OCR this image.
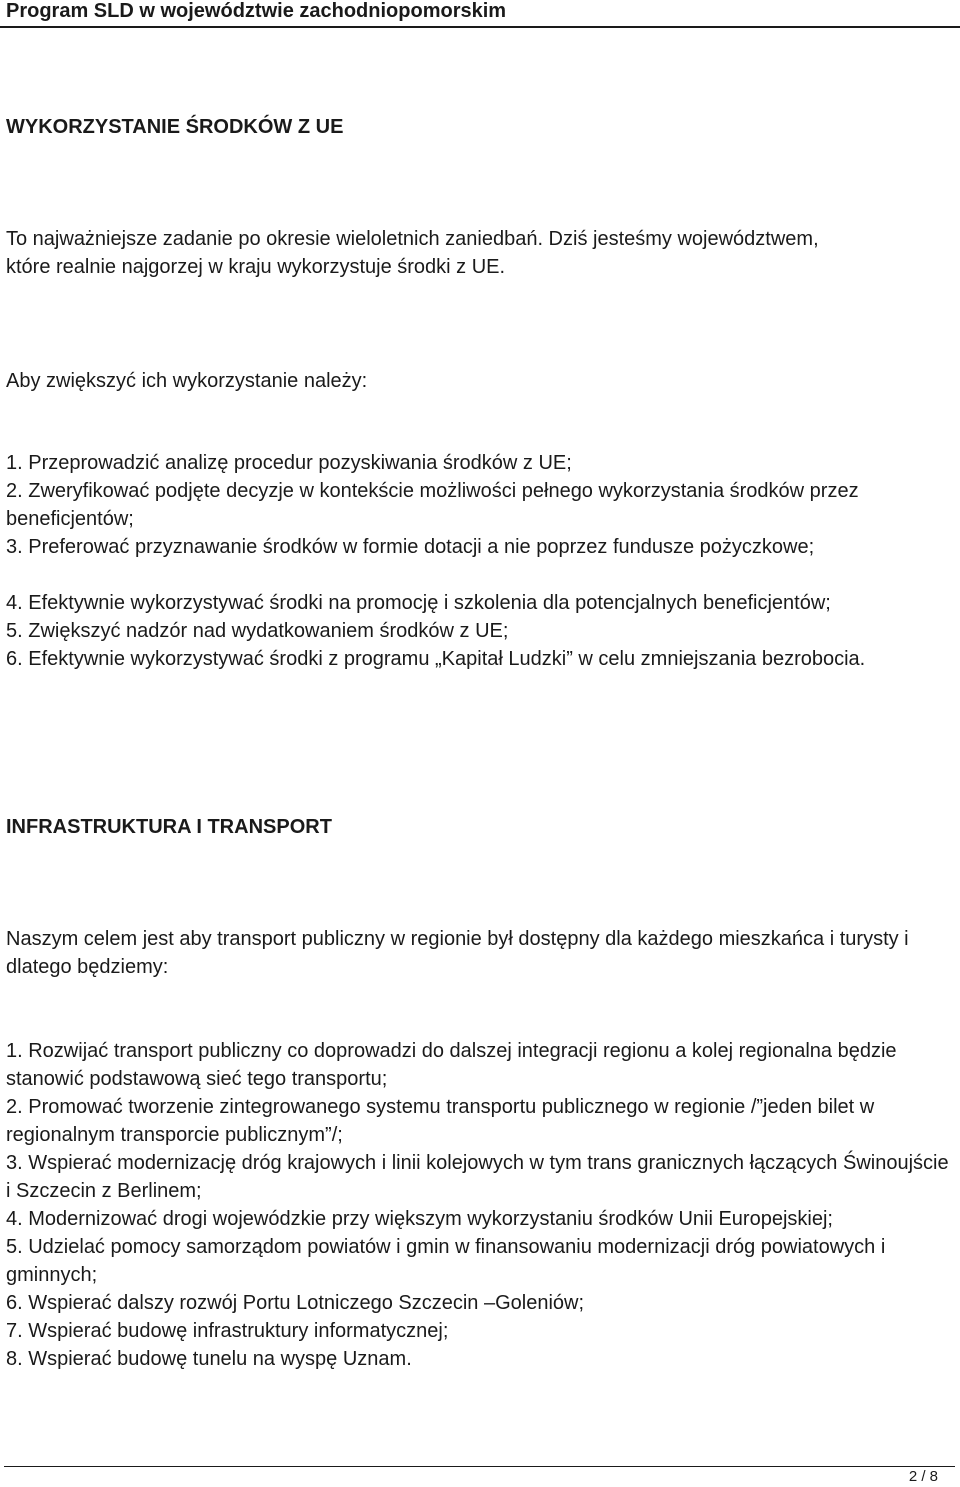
Program SLD w województwie zachodniopomorskim
WYKORZYSTANIE ŚRODKÓW Z UE

To najważniejsze zadanie po okresie wieloletnich zaniedbań. Dziś jesteśmy województwem,

które realnie najgorzej w kraju wykorzystuje środki z UE.

Aby zwiększyć ich wykorzystanie należy:

1. Przeprowadzić analizę procedur pozyskiwania środków z UE;

2. Zweryfikować podjęte decyzje w kontekście możliwości pełnego wykorzystania środków przez beneficjentów;

3. Preferować przyznawanie środków w formie dotacji a nie poprzez fundusze pożyczkowe;

4. Efektywnie wykorzystywać środki na promocję i szkolenia dla potencjalnych beneficjentów;

5. Zwiększyć nadzór nad wydatkowaniem środków z UE;

6. Efektywnie wykorzystywać środki z programu „Kapitał Ludzki” w celu zmniejszania bezrobocia.

INFRASTRUKTURA I TRANSPORT
Naszym celem jest aby transport publiczny w regionie był dostępny dla każdego mieszkańca i turysty i dlatego będziemy:

1. Rozwijać transport publiczny co doprowadzi do dalszej integracji regionu a kolej regionalna będzie stanowić podstawową sieć tego transportu;

2. Promować tworzenie zintegrowanego systemu transportu publicznego w regionie /”jeden bilet w regionalnym transporcie publicznym”/;

3. Wspierać modernizację dróg krajowych i linii kolejowych w tym trans granicznych łączących Świnoujście i Szczecin z Berlinem;

4. Modernizować drogi wojewódzkie przy większym wykorzystaniu środków Unii Europejskiej;

5. Udzielać pomocy samorządom powiatów i gmin w finansowaniu modernizacji dróg powiatowych i gminnych;

6. Wspierać dalszy rozwój Portu Lotniczego Szczecin –Goleniów;

7. Wspierać budowę infrastruktury informatycznej;

8. Wspierać budowę tunelu na wyspę Uznam.

2 / 8
